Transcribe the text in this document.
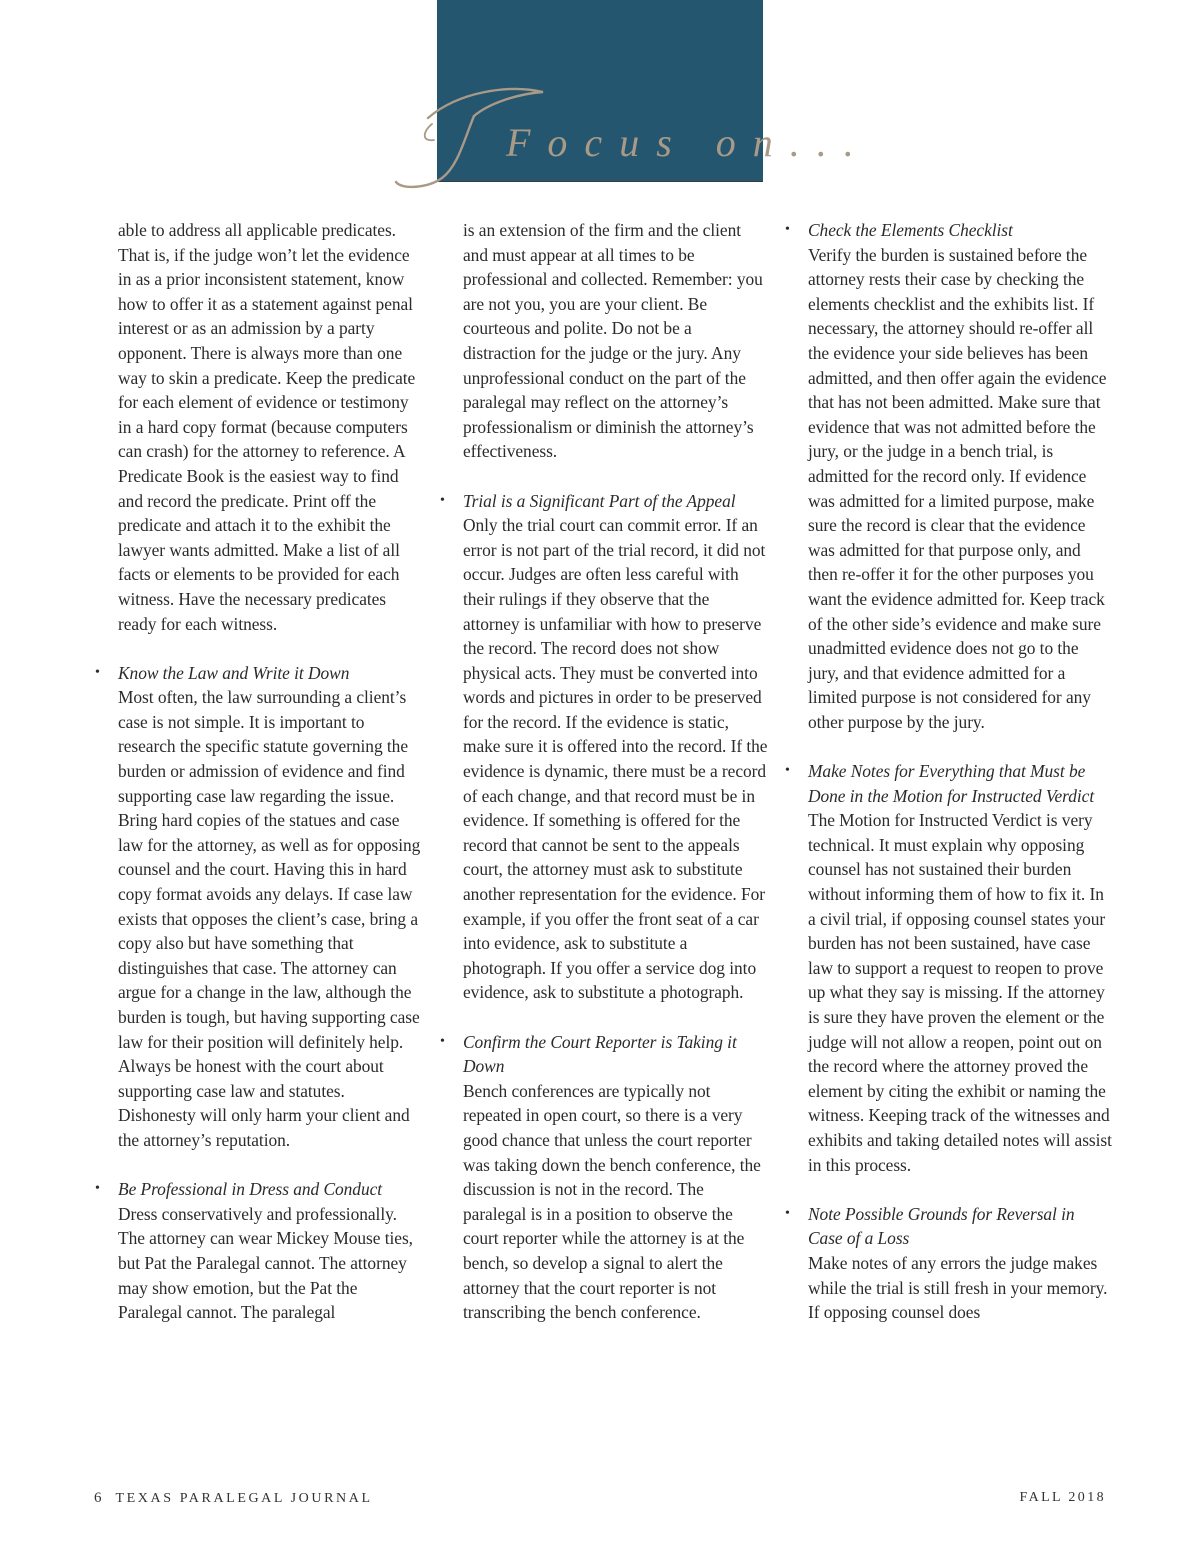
Focus on...

able to address all applicable predicates. That is, if the judge won’t let the evidence in as a prior inconsistent statement, know how to offer it as a statement against penal interest or as an admission by a party opponent. There is always more than one way to skin a predicate. Keep the predicate for each element of evidence or testimony in a hard copy format (because computers can crash) for the attorney to reference. A Predicate Book is the easiest way to find and record the predicate. Print off the predicate and attach it to the exhibit the lawyer wants admitted. Make a list of all facts or elements to be provided for each witness. Have the necessary predicates ready for each witness.

• Know the Law and Write it Down
Most often, the law surrounding a client’s case is not simple. It is important to research the specific statute governing the burden or admission of evidence and find supporting case law regarding the issue. Bring hard copies of the statues and case law for the attorney, as well as for opposing counsel and the court. Having this in hard copy format avoids any delays. If case law exists that opposes the client’s case, bring a copy also but have something that distinguishes that case. The attorney can argue for a change in the law, although the burden is tough, but having supporting case law for their position will definitely help. Always be honest with the court about supporting case law and statutes. Dishonesty will only harm your client and the attorney’s reputation.
• Be Professional in Dress and Conduct
Dress conservatively and professionally. The attorney can wear Mickey Mouse ties, but Pat the Paralegal cannot. The attorney may show emotion, but the Pat the Paralegal cannot. The paralegal

is an extension of the firm and the client and must appear at all times to be professional and collected. Remember: you are not you, you are your client. Be courteous and polite. Do not be a distraction for the judge or the jury. Any unprofessional conduct on the part of the paralegal may reflect on the attorney’s professionalism or diminish the attorney’s effectiveness.

• Trial is a Significant Part of the Appeal
Only the trial court can commit error. If an error is not part of the trial record, it did not occur. Judges are often less careful with their rulings if they observe that the attorney is unfamiliar with how to preserve the record. The record does not show physical acts. They must be converted into words and pictures in order to be preserved for the record. If the evidence is static, make sure it is offered into the record. If the evidence is dynamic, there must be a record of each change, and that record must be in evidence. If something is offered for the record that cannot be sent to the appeals court, the attorney must ask to substitute another representation for the evidence. For example, if you offer the front seat of a car into evidence, ask to substitute a photograph. If you offer a service dog into evidence, ask to substitute a photograph.
• Confirm the Court Reporter is Taking it Down
Bench conferences are typically not repeated in open court, so there is a very good chance that unless the court reporter was taking down the bench conference, the discussion is not in the record. The paralegal is in a position to observe the court reporter while the attorney is at the bench, so develop a signal to alert the attorney that the court reporter is not transcribing the bench conference.
• Check the Elements Checklist
Verify the burden is sustained before the attorney rests their case by checking the elements checklist and the exhibits list. If necessary, the attorney should re-offer all the evidence your side believes has been admitted, and then offer again the evidence that has not been admitted. Make sure that evidence that was not admitted before the jury, or the judge in a bench trial, is admitted for the record only. If evidence was admitted for a limited purpose, make sure the record is clear that the evidence was admitted for that purpose only, and then re-offer it for the other purposes you want the evidence admitted for. Keep track of the other side’s evidence and make sure unadmitted evidence does not go to the jury, and that evidence admitted for a limited purpose is not considered for any other purpose by the jury.
• Make Notes for Everything that Must be Done in the Motion for Instructed Verdict
The Motion for Instructed Verdict is very technical. It must explain why opposing counsel has not sustained their burden without informing them of how to fix it. In a civil trial, if opposing counsel states your burden has not been sustained, have case law to support a request to reopen to prove up what they say is missing. If the attorney is sure they have proven the element or the judge will not allow a reopen, point out on the record where the attorney proved the element by citing the exhibit or naming the witness. Keeping track of the witnesses and exhibits and taking detailed notes will assist in this process.
• Note Possible Grounds for Reversal in Case of a Loss
Make notes of any errors the judge makes while the trial is still fresh in your memory. If opposing counsel does
6 TEXAS PARALEGAL JOURNAL	FALL 2018
